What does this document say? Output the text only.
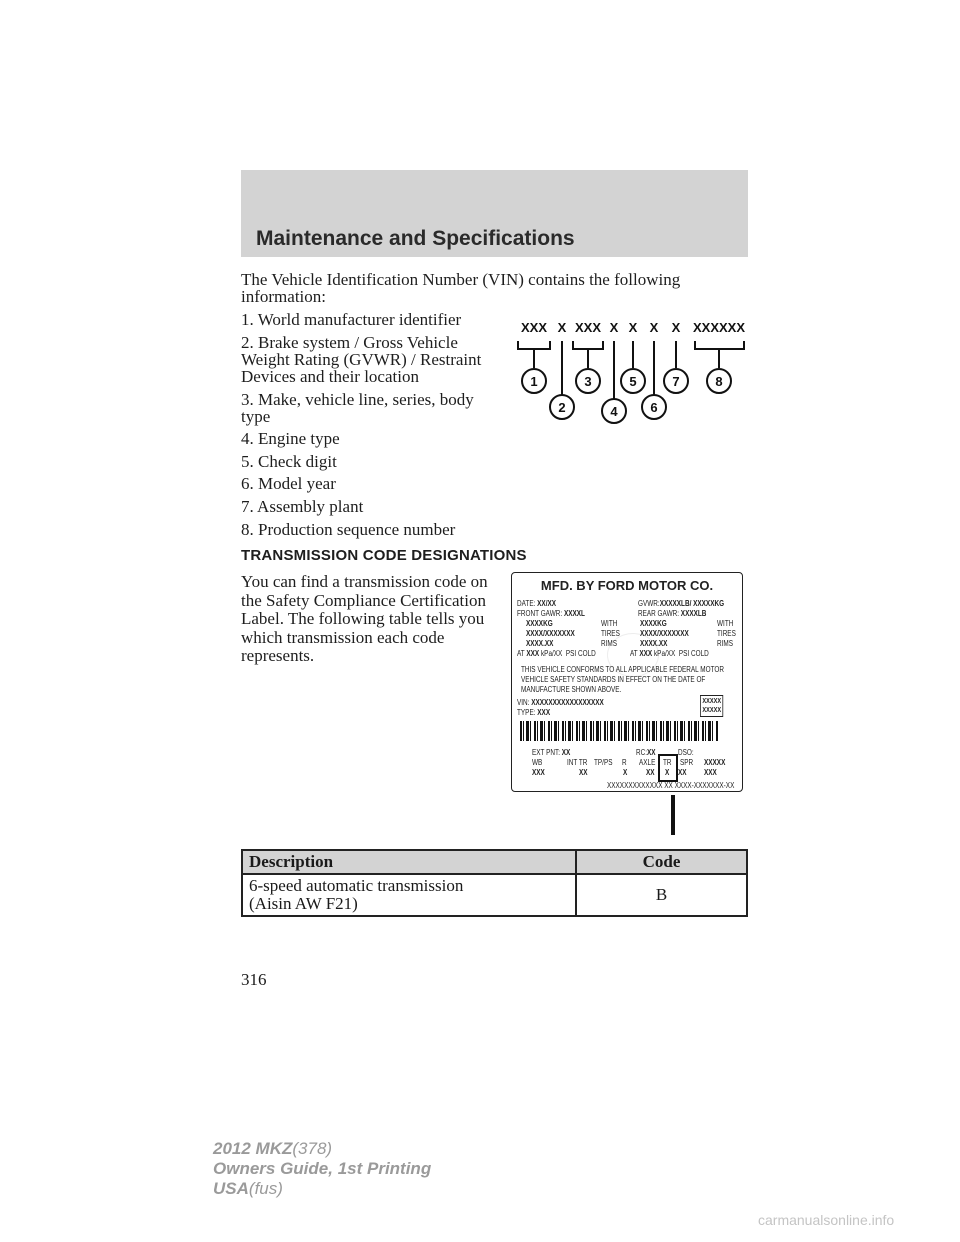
Maintenance and Specifications

The Vehicle Identification Number (VIN) contains the following information:

1. World manufacturer identifier

2. Brake system / Gross Vehicle Weight Rating (GVWR) / Restraint Devices and their location

3. Make, vehicle line, series, body type

4. Engine type

5. Check digit

6. Model year

7. Assembly plant

8. Production sequence number

XXX X XXX X X X X XXXXXX
1
2
3
4
5
6
7	8
TRANSMISSION CODE DESIGNATIONS

You can find a transmission code on the Safety Compliance Certification Label. The following table tells you which transmission each code represents.

MFD. BY FORD MOTOR CO.
DATE: XX/XX	GVWR:XXXXXLB/ XXXXXKG
FRONT GAWR: XXXXL	REAR GAWR: XXXXLB
XXXXKG	WITH	XXXXKG	WITH
XXXX/XXXXXXX	TIRES	XXXX/XXXXXXX	TIRES
XXXX.XX	RIMS	XXXX.XX	RIMS
AT XXX kPa/XX PSI COLD	AT XXX kPa/XX PSI COLD
THIS VEHICLE CONFORMS TO ALL APPLICABLE FEDERAL MOTOR
VEHICLE SAFETY STANDARDS IN EFFECT ON THE DATE OF
MANUFACTURE SHOWN ABOVE.
VIN: XXXXXXXXXXXXXXXXX
TYPE: XXX
XXXXX
XXXXX
EXT PNT: XX	RC:XX	DSO:
WB	INT TR TP/PS R AXLE TR SPR XXXXX
XXX	XX	X XX X XX XXX
XXXXXXXXXXXXX XX XXXX-XXXXXXX-XX
Description	Code

6-speed automatic transmission
(Aisin AW F21)	B
316
2012 MKZ(378)
Owners Guide, 1st Printing
USA(fus)
carmanualsonline.info
